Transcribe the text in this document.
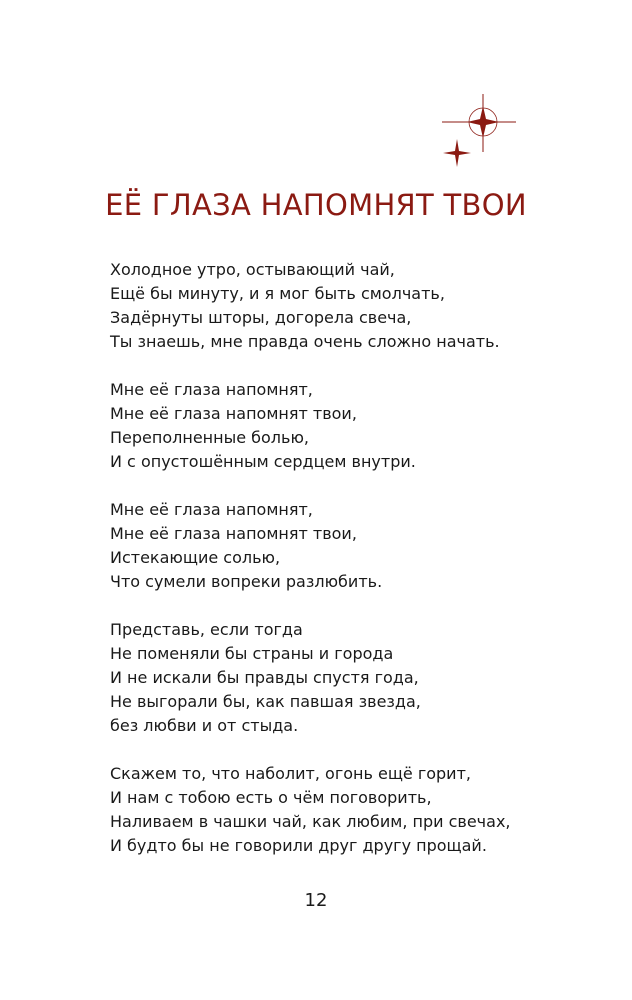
ЕЁ ГЛАЗА НАПОМНЯТ ТВОИ
Холодное утро, остывающий чай,
Ещё бы минуту, и я мог быть смолчать,
Задёрнуты шторы, догорела свеча,
Ты знаешь, мне правда очень сложно начать.
Мне её глаза напомнят,
Мне её глаза напомнят твои,
Переполненные болью,
И с опустошённым сердцем внутри.
Мне её глаза напомнят,
Мне её глаза напомнят твои,
Истекающие солью,
Что сумели вопреки разлюбить.
Представь, если тогда
Не поменяли бы страны и города
И не искали бы правды спустя года,
Не выгорали бы, как павшая звезда,
без любви и от стыда.
Скажем то, что наболит, огонь ещё горит,
И нам с тобою есть о чём поговорить,
Наливаем в чашки чай, как любим, при свечах,
И будто бы не говорили друг другу прощай.
12
